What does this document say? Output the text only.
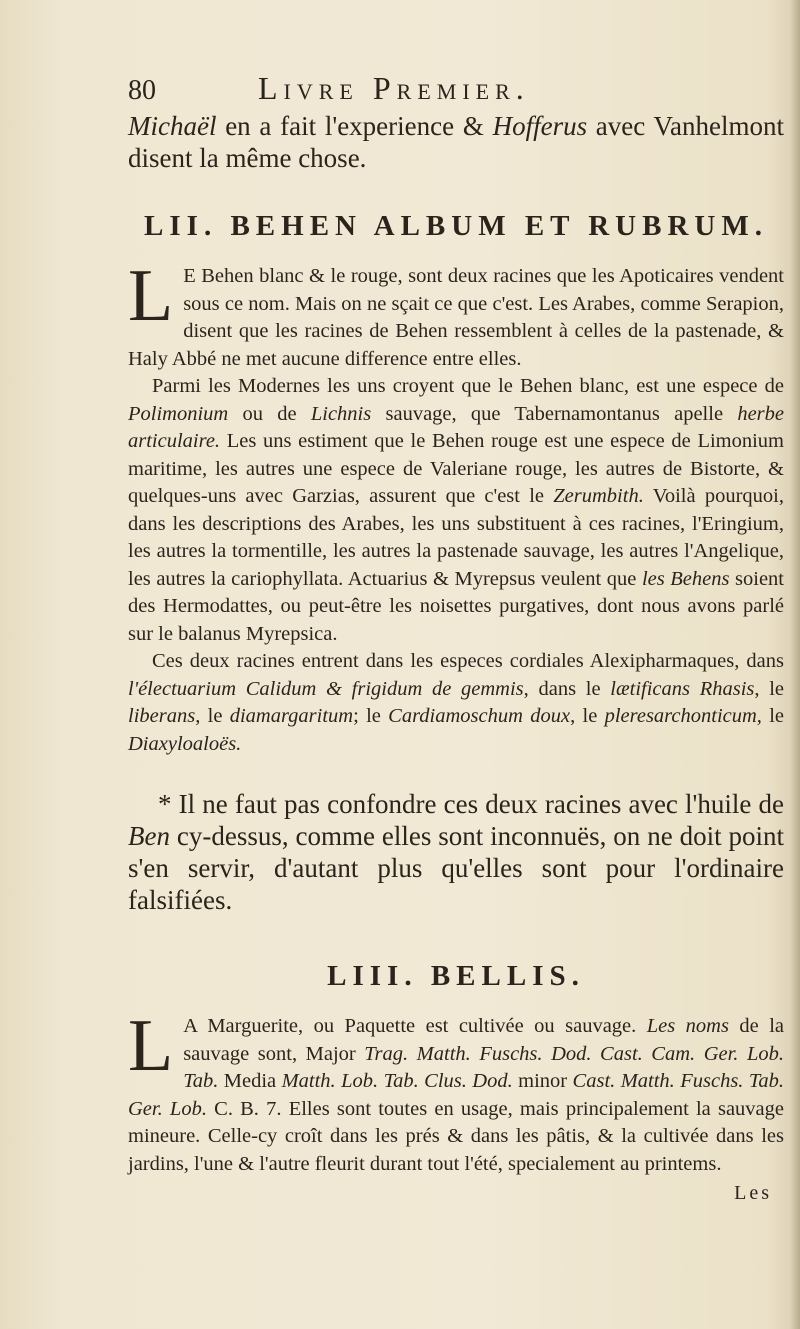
80	Livre Premier.

Michaël en a fait l'experience & Hofferus avec Vanhelmont disent la même chose.

LII. BEHEN ALBUM ET RUBRUM.

L E Behen blanc & le rouge, sont deux racines que les Apoticaires vendent sous ce nom. Mais on ne sçait ce que c'est. Les Arabes, comme Serapion, disent que les racines de Behen ressemblent à celles de la pastenade, & Haly Abbé ne met aucune difference entre elles.

Parmi les Modernes les uns croyent que le Behen blanc, est une espece de Polimonium ou de Lichnis sauvage, que Tabernamontanus apelle herbe articulaire. Les uns estiment que le Behen rouge est une espece de Limonium maritime, les autres une espece de Valeriane rouge, les autres de Bistorte, & quelques-uns avec Garzias, assurent que c'est le Zerumbith. Voilà pourquoi, dans les descriptions des Arabes, les uns substituent à ces racines, l'Eringium, les autres la tormentille, les autres la pastenade sauvage, les autres l'Angelique, les autres la cariophyllata. Actuarius & Myrepsus veulent que les Behens soient des Hermodattes, ou peut-être les noisettes purgatives, dont nous avons parlé sur le balanus Myrepsica.

Ces deux racines entrent dans les especes cordiales Alexipharmaques, dans l'électuarium Calidum & frigidum de gemmis, dans le lætificans Rhasis, le liberans, le diamargaritum; le Cardiamoschum doux, le pleresarchonticum, le Diaxyloaloës.

* Il ne faut pas confondre ces deux racines avec l'huile de Ben cy-dessus, comme elles sont inconnuës, on ne doit point s'en servir, d'autant plus qu'elles sont pour l'ordinaire falsifiées.

LIII. BELLIS.

L A Marguerite, ou Paquette est cultivée ou sauvage. Les noms de la sauvage sont, Major Trag. Matth. Fuschs. Dod. Cast. Cam. Ger. Lob. Tab. Media Matth. Lob. Tab. Clus. Dod. minor Cast. Matth. Fuschs. Tab. Ger. Lob. C. B. 7. Elles sont toutes en usage, mais principalement la sauvage mineure. Celle-cy croît dans les prés & dans les pâtis, & la cultivée dans les jardins, l'une & l'autre fleurit durant tout l'été, specialement au printems.

Les
